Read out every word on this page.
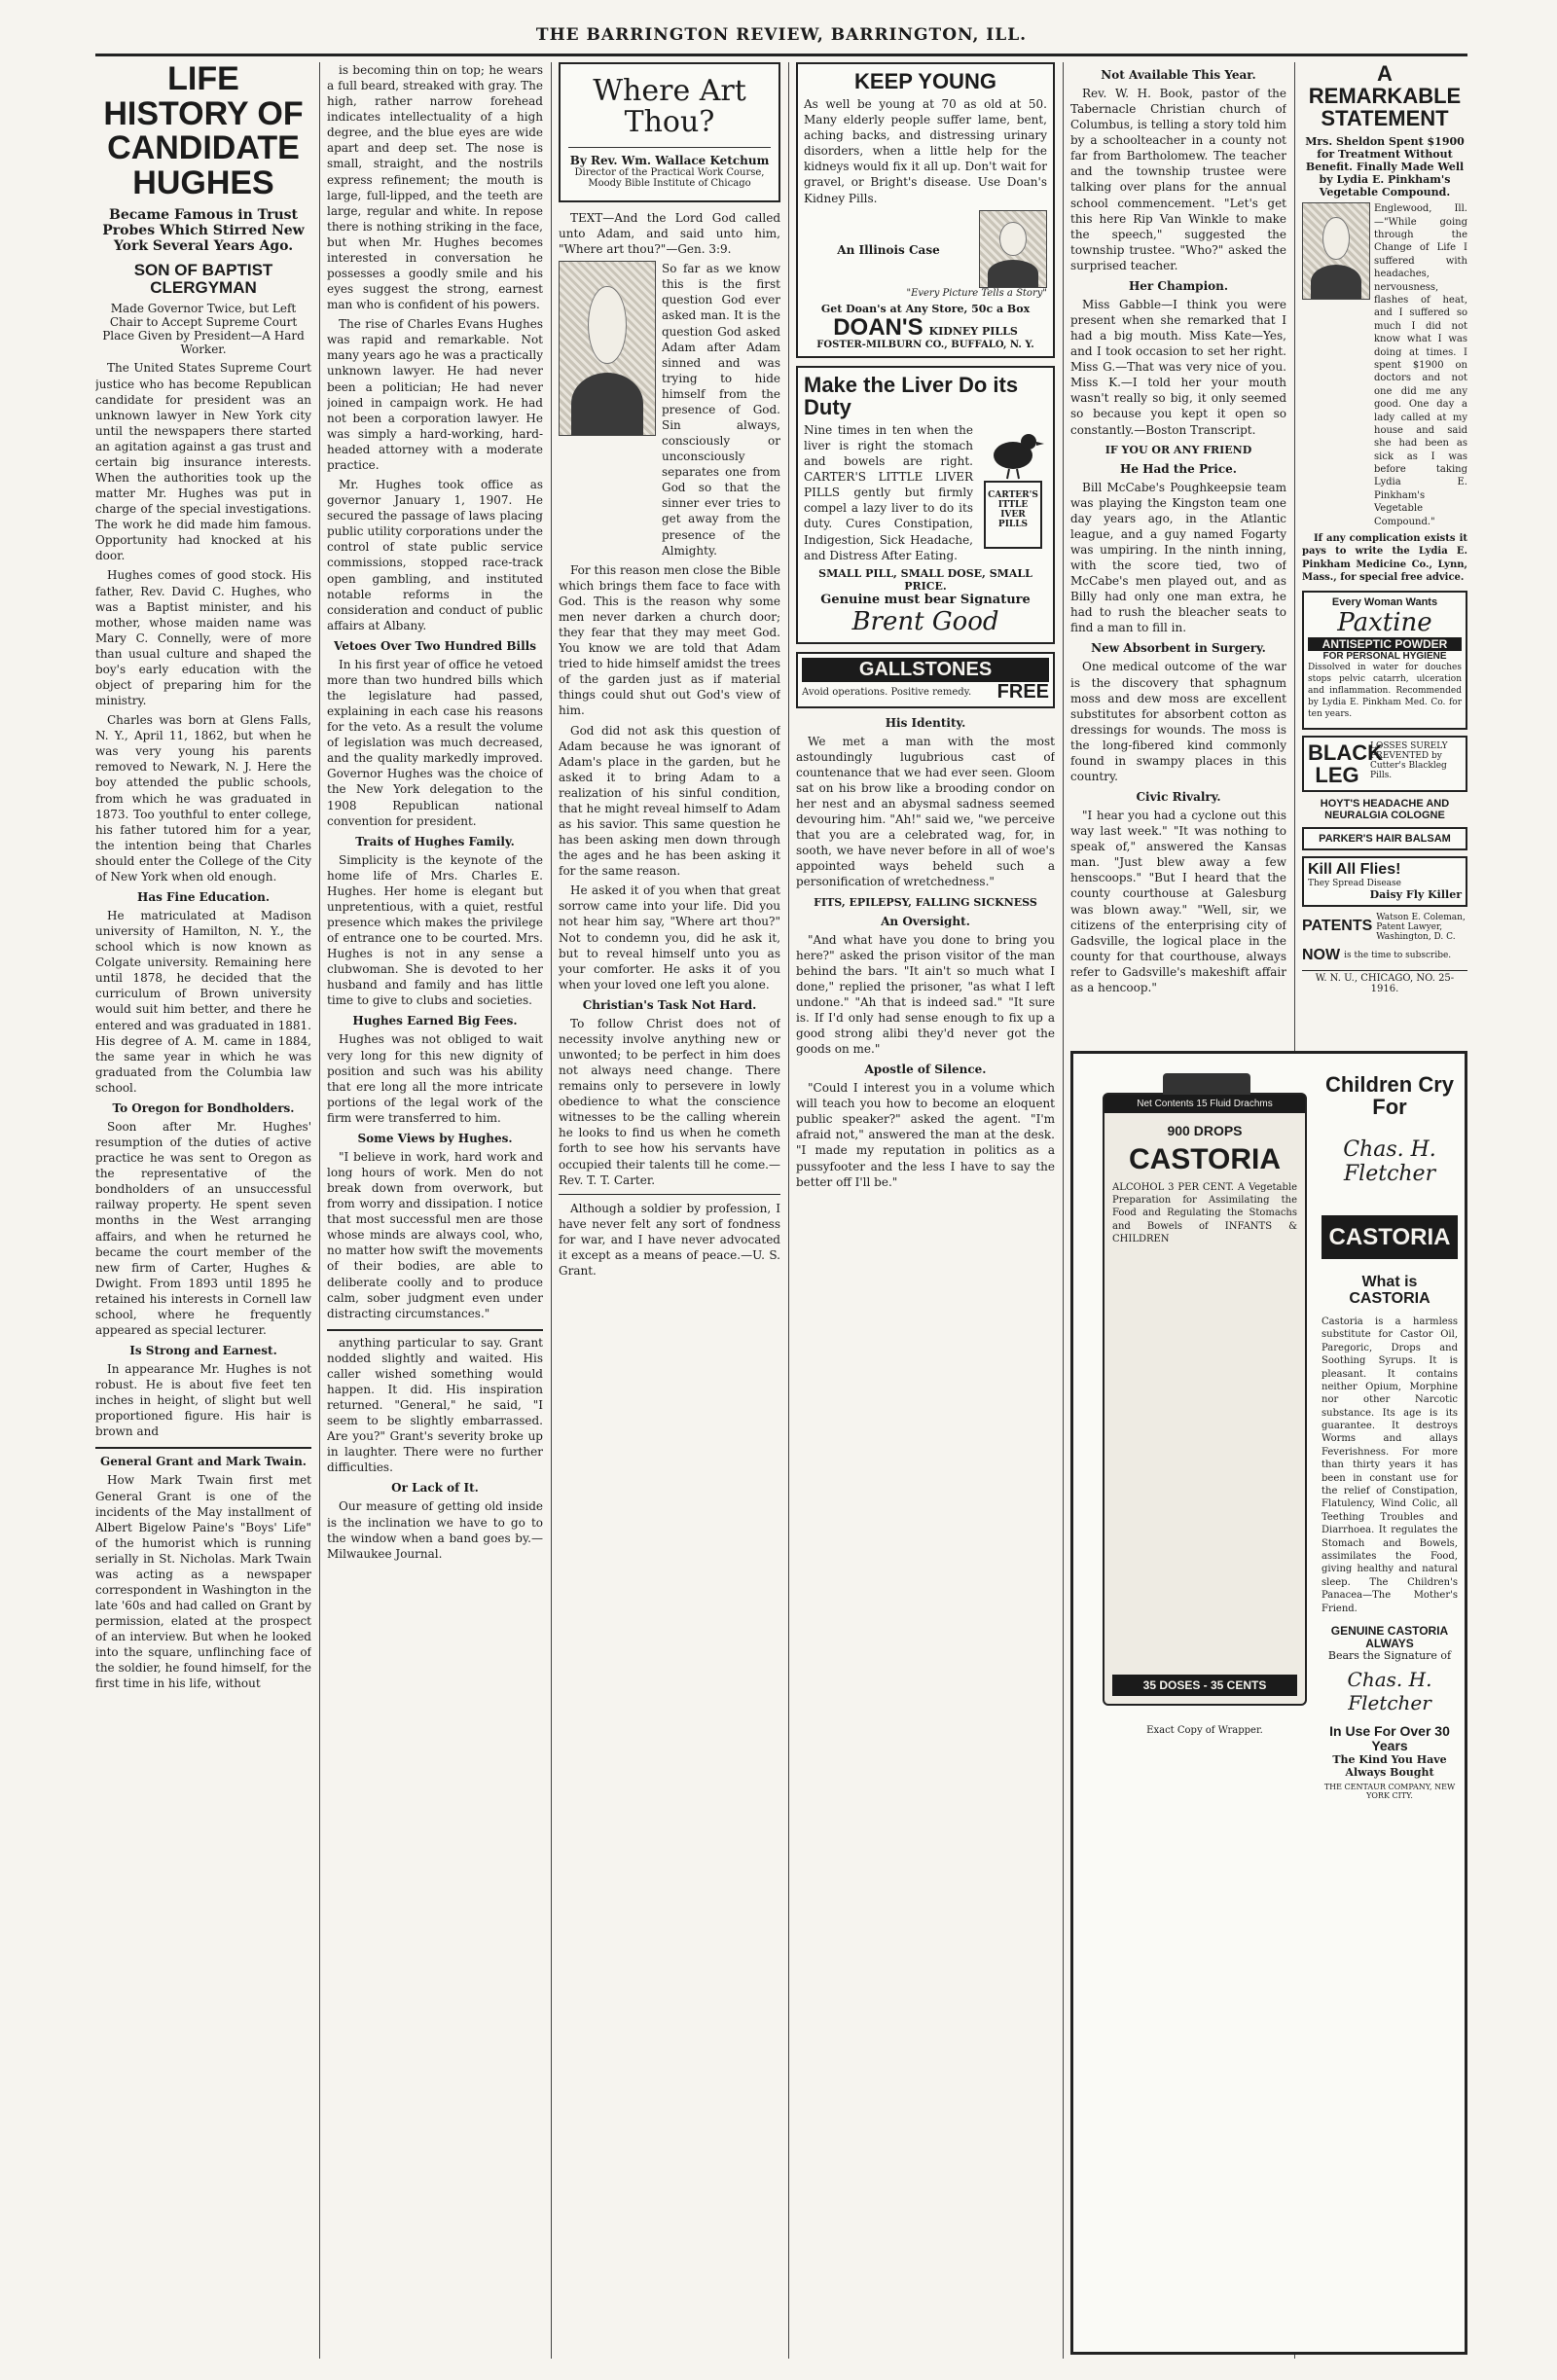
THE BARRINGTON REVIEW, BARRINGTON, ILL.
LIFE HISTORY OF CANDIDATE HUGHES
Became Famous in Trust Probes Which Stirred New York Several Years Ago.
SON OF BAPTIST CLERGYMAN
Made Governor Twice, but Left Chair to Accept Supreme Court Place Given by President—A Hard Worker.

The United States Supreme Court justice who has become Republican candidate for president was an unknown lawyer in New York city until the newspapers there started an agitation against a gas trust and certain big insurance interests. When the authorities took up the matter Mr. Hughes was put in charge of the special investigations. The work he did made him famous. Opportunity had knocked at his door.

Hughes comes of good stock. His father, Rev. David C. Hughes, who was a Baptist minister, and his mother, whose maiden name was Mary C. Connelly, were of more than usual culture and shaped the boy's early education with the object of preparing him for the ministry.

Charles was born at Glens Falls, N. Y., April 11, 1862, but when he was very young his parents removed to Newark, N. J. Here the boy attended the public schools, from which he was graduated in 1873. Too youthful to enter college, his father tutored him for a year, the intention being that Charles should enter the College of the City of New York when old enough.

Has Fine Education.

He matriculated at Madison university of Hamilton, N. Y., the school which is now known as Colgate university. Remaining here until 1878, he decided that the curriculum of Brown university would suit him better, and there he entered and was graduated in 1881. His degree of A. M. came in 1884, the same year in which he was graduated from the Columbia law school.

To Oregon for Bondholders.

Soon after Mr. Hughes' resumption of the duties of active practice he was sent to Oregon as the representative of the bondholders of an unsuccessful railway property. He spent seven months in the West arranging affairs, and when he returned he became the court member of the new firm of Carter, Hughes & Dwight. From 1893 until 1895 he retained his interests in Cornell law school, where he frequently appeared as special lecturer.

Is Strong and Earnest.

In appearance Mr. Hughes is not robust. He is about five feet ten inches in height, of slight but well proportioned figure. His hair is brown and

General Grant and Mark Twain.

How Mark Twain first met General Grant is one of the incidents of the May installment of Albert Bigelow Paine's "Boys' Life" of the humorist which is running serially in St. Nicholas. Mark Twain was acting as a newspaper correspondent in Washington in the late '60s and had called on Grant by permission, elated at the prospect of an interview. But when he looked into the square, unflinching face of the soldier, he found himself, for the first time in his life, without

is becoming thin on top; he wears a full beard, streaked with gray. The high, rather narrow forehead indicates intellectuality of a high degree, and the blue eyes are wide apart and deep set. The nose is small, straight, and the nostrils express refinement; the mouth is large, full-lipped, and the teeth are large, regular and white. In repose there is nothing striking in the face, but when Mr. Hughes becomes interested in conversation he possesses a goodly smile and his eyes suggest the strong, earnest man who is confident of his powers.

The rise of Charles Evans Hughes was rapid and remarkable. Not many years ago he was a practically unknown lawyer. He had never been a politician; He had never joined in campaign work. He had not been a corporation lawyer. He was simply a hard-working, hard-headed attorney with a moderate practice.

Mr. Hughes took office as governor January 1, 1907. He secured the passage of laws placing public utility corporations under the control of state public service commissions, stopped race-track open gambling, and instituted notable reforms in the consideration and conduct of public affairs at Albany.

Vetoes Over Two Hundred Bills

In his first year of office he vetoed more than two hundred bills which the legislature had passed, explaining in each case his reasons for the veto. As a result the volume of legislation was much decreased, and the quality markedly improved. Governor Hughes was the choice of the New York delegation to the 1908 Republican national convention for president.

Traits of Hughes Family.

Simplicity is the keynote of the home life of Mrs. Charles E. Hughes. Her home is elegant but unpretentious, with a quiet, restful presence which makes the privilege of entrance one to be courted. Mrs. Hughes is not in any sense a clubwoman. She is devoted to her husband and family and has little time to give to clubs and societies.

Hughes Earned Big Fees.

Hughes was not obliged to wait very long for this new dignity of position and such was his ability that ere long all the more intricate portions of the legal work of the firm were transferred to him.

Some Views by Hughes.

"I believe in work, hard work and long hours of work. Men do not break down from overwork, but from worry and dissipation. I notice that most successful men are those whose minds are always cool, who, no matter how swift the movements of their bodies, are able to deliberate coolly and to produce calm, sober judgment even under distracting circumstances."

anything particular to say. Grant nodded slightly and waited. His caller wished something would happen. It did. His inspiration returned. "General," he said, "I seem to be slightly embarrassed. Are you?" Grant's severity broke up in laughter. There were no further difficulties.

Or Lack of It.

Our measure of getting old inside is the inclination we have to go to the window when a band goes by.—Milwaukee Journal.

Where Art Thou?
By Rev. Wm. Wallace Ketchum
Director of the Practical Work Course, Moody Bible Institute of Chicago

TEXT—And the Lord God called unto Adam, and said unto him, "Where art thou?"—Gen. 3:9.

So far as we know this is the first question God ever asked man. It is the question God asked Adam after Adam sinned and was trying to hide himself from the presence of God. Sin always, consciously or unconsciously separates one from God so that the sinner ever tries to get away from the presence of the Almighty.

For this reason men close the Bible which brings them face to face with God. This is the reason why some men never darken a church door; they fear that they may meet God. You know we are told that Adam tried to hide himself amidst the trees of the garden just as if material things could shut out God's view of him.

God did not ask this question of Adam because he was ignorant of Adam's place in the garden, but he asked it to bring Adam to a realization of his sinful condition, that he might reveal himself to Adam as his savior. This same question he has been asking men down through the ages and he has been asking it for the same reason.

He asked it of you when that great sorrow came into your life. Did you not hear him say, "Where art thou?" Not to condemn you, did he ask it, but to reveal himself unto you as your comforter. He asks it of you when your loved one left you alone.

Christian's Task Not Hard.

To follow Christ does not of necessity involve anything new or unwonted; to be perfect in him does not always need change. There remains only to persevere in lowly obedience to what the conscience witnesses to be the calling wherein he looks to find us when he cometh forth to see how his servants have occupied their talents till he come.—Rev. T. T. Carter.

Although a soldier by profession, I have never felt any sort of fondness for war, and I have never advocated it except as a means of peace.—U. S. Grant.

KEEP YOUNG

As well be young at 70 as old at 50. Many elderly people suffer lame, bent, aching backs, and distressing urinary disorders, when a little help for the kidneys would fix it all up. Don't wait for gravel, or Bright's disease. Use Doan's Kidney Pills.

An Illinois Case
"Every Picture Tells a Story"
Get Doan's at Any Store, 50c a Box
DOAN'S KIDNEY PILLS
FOSTER-MILBURN CO., BUFFALO, N. Y.
Make the Liver Do its Duty

Nine times in ten when the liver is right the stomach and bowels are right. CARTER'S LITTLE LIVER PILLS gently but firmly compel a lazy liver to do its duty. Cures Constipation, Indigestion, Sick Headache, and Distress After Eating.

CARTER'S ITTLE IVER PILLS
SMALL PILL, SMALL DOSE, SMALL PRICE.
Genuine must bear Signature
Brent Good
GALLSTONES
Avoid operations. Positive remedy. FREE
His Identity.

We met a man with the most astoundingly lugubrious cast of countenance that we had ever seen. Gloom sat on his brow like a brooding condor on her nest and an abysmal sadness seemed devouring him. "Ah!" said we, "we perceive that you are a celebrated wag, for, in sooth, we have never before in all of woe's appointed ways beheld such a personification of wretchedness."

FITS, EPILEPSY, FALLING SICKNESS
An Oversight.

"And what have you done to bring you here?" asked the prison visitor of the man behind the bars. "It ain't so much what I done," replied the prisoner, "as what I left undone." "Ah that is indeed sad." "It sure is. If I'd only had sense enough to fix up a good strong alibi they'd never got the goods on me."

Apostle of Silence.

"Could I interest you in a volume which will teach you how to become an eloquent public speaker?" asked the agent. "I'm afraid not," answered the man at the desk. "I made my reputation in politics as a pussyfooter and the less I have to say the better off I'll be."

Not Available This Year.

Rev. W. H. Book, pastor of the Tabernacle Christian church of Columbus, is telling a story told him by a schoolteacher in a county not far from Bartholomew. The teacher and the township trustee were talking over plans for the annual school commencement. "Let's get this here Rip Van Winkle to make the speech," suggested the township trustee. "Who?" asked the surprised teacher.

Her Champion.

Miss Gabble—I think you were present when she remarked that I had a big mouth. Miss Kate—Yes, and I took occasion to set her right. Miss G.—That was very nice of you. Miss K.—I told her your mouth wasn't really so big, it only seemed so because you kept it open so constantly.—Boston Transcript.

IF YOU OR ANY FRIEND
He Had the Price.

Bill McCabe's Poughkeepsie team was playing the Kingston team one day years ago, in the Atlantic league, and a guy named Fogarty was umpiring. In the ninth inning, with the score tied, two of McCabe's men played out, and as Billy had only one man extra, he had to rush the bleacher seats to find a man to fill in.

New Absorbent in Surgery.

One medical outcome of the war is the discovery that sphagnum moss and dew moss are excellent substitutes for absorbent cotton as dressings for wounds. The moss is the long-fibered kind commonly found in swampy places in this country.

Civic Rivalry.

"I hear you had a cyclone out this way last week." "It was nothing to speak of," answered the Kansas man. "Just blew away a few henscoops." "But I heard that the county courthouse at Galesburg was blown away." "Well, sir, we citizens of the enterprising city of Gadsville, the logical place in the county for that courthouse, always refer to Gadsville's makeshift affair as a hencoop."

A REMARKABLE STATEMENT
Mrs. Sheldon Spent $1900 for Treatment Without Benefit. Finally Made Well by Lydia E. Pinkham's Vegetable Compound.

Englewood, Ill.—"While going through the Change of Life I suffered with headaches, nervousness, flashes of heat, and I suffered so much I did not know what I was doing at times. I spent $1900 on doctors and not one did me any good. One day a lady called at my house and said she had been as sick as I was before taking Lydia E. Pinkham's Vegetable Compound."

If any complication exists it pays to write the Lydia E. Pinkham Medicine Co., Lynn, Mass., for special free advice.

Every Woman Wants
Paxtine
ANTISEPTIC POWDER
FOR PERSONAL HYGIENE

Dissolved in water for douches stops pelvic catarrh, ulceration and inflammation. Recommended by Lydia E. Pinkham Med. Co. for ten years.

BLACK LEG
LOSSES SURELY PREVENTED by Cutter's Blackleg Pills.
HOYT'S HEADACHE AND NEURALGIA COLOGNE
PARKER'S HAIR BALSAM
Kill All Flies!
They Spread Disease
Daisy Fly Killer
PATENTS
Watson E. Coleman, Patent Lawyer, Washington, D. C.
NOW is the time to subscribe.
W. N. U., CHICAGO, NO. 25-1916.
Net Contents 15 Fluid Drachms
900 DROPS
CASTORIA

ALCOHOL 3 PER CENT. A Vegetable Preparation for Assimilating the Food and Regulating the Stomachs and Bowels of INFANTS & CHILDREN

35 DOSES - 35 CENTS
Exact Copy of Wrapper.
Children Cry For
Chas. H. Fletcher
CASTORIA
What is CASTORIA

Castoria is a harmless substitute for Castor Oil, Paregoric, Drops and Soothing Syrups. It is pleasant. It contains neither Opium, Morphine nor other Narcotic substance. Its age is its guarantee. It destroys Worms and allays Feverishness. For more than thirty years it has been in constant use for the relief of Constipation, Flatulency, Wind Colic, all Teething Troubles and Diarrhoea. It regulates the Stomach and Bowels, assimilates the Food, giving healthy and natural sleep. The Children's Panacea—The Mother's Friend.

GENUINE CASTORIA ALWAYS
Bears the Signature of
Chas. H. Fletcher
In Use For Over 30 Years
The Kind You Have Always Bought
THE CENTAUR COMPANY, NEW YORK CITY.
